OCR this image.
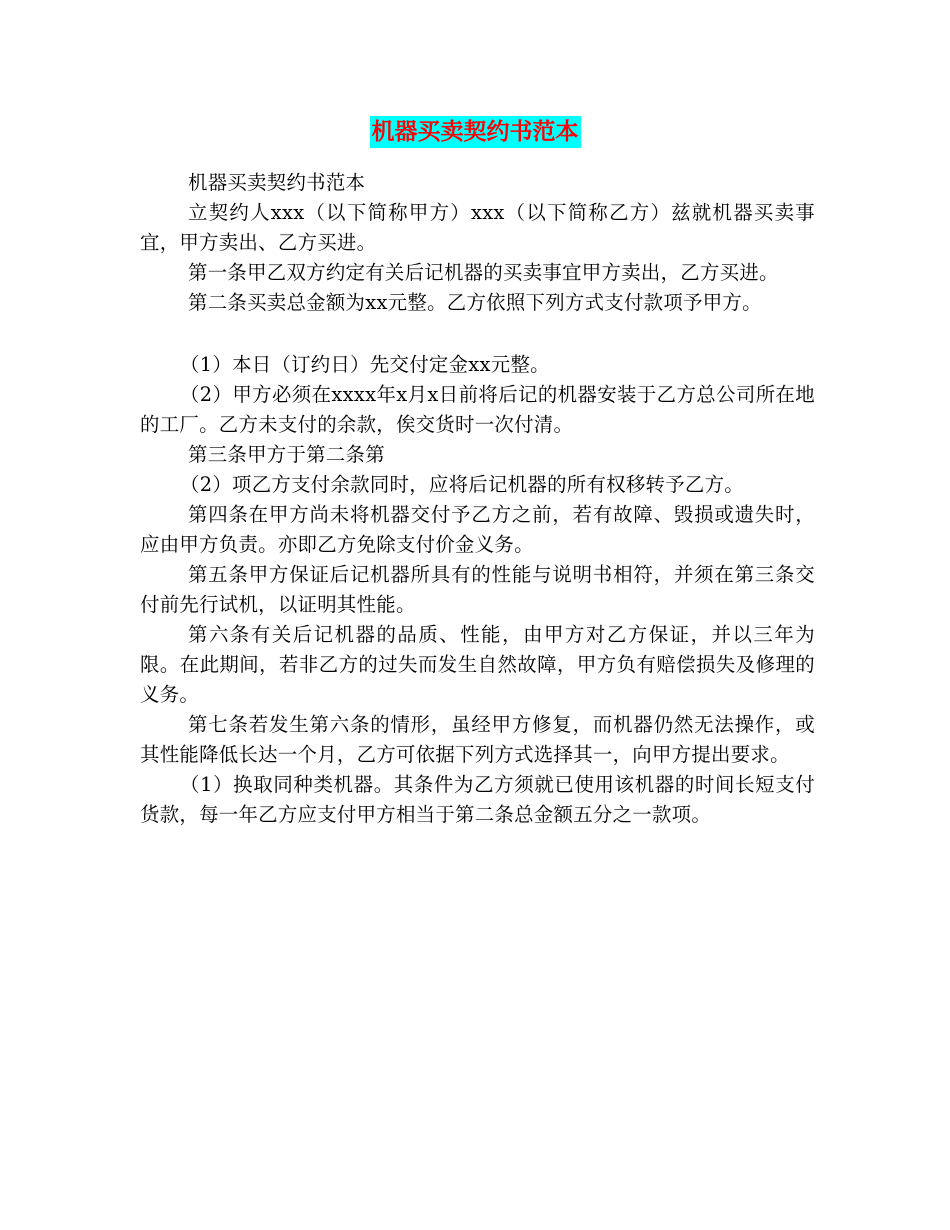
机器买卖契约书范本

机器买卖契约书范本

立契约人xxx（以下简称甲方）xxx（以下简称乙方）兹就机器买卖事宜，甲方卖出、乙方买进。

第一条甲乙双方约定有关后记机器的买卖事宜甲方卖出，乙方买进。

第二条买卖总金额为xx元整。乙方依照下列方式支付款项予甲方。

（1）本日（订约日）先交付定金xx元整。

（2）甲方必须在xxxx年x月x日前将后记的机器安装于乙方总公司所在地的工厂。乙方未支付的余款，俟交货时一次付清。

第三条甲方于第二条第

（2）项乙方支付余款同时，应将后记机器的所有权移转予乙方。

第四条在甲方尚未将机器交付予乙方之前，若有故障、毁损或遗失时，应由甲方负责。亦即乙方免除支付价金义务。

第五条甲方保证后记机器所具有的性能与说明书相符，并须在第三条交付前先行试机，以证明其性能。

第六条有关后记机器的品质、性能，由甲方对乙方保证，并以三年为限。在此期间，若非乙方的过失而发生自然故障，甲方负有赔偿损失及修理的义务。

第七条若发生第六条的情形，虽经甲方修复，而机器仍然无法操作，或其性能降低长达一个月，乙方可依据下列方式选择其一，向甲方提出要求。

（1）换取同种类机器。其条件为乙方须就已使用该机器的时间长短支付货款，每一年乙方应支付甲方相当于第二条总金额五分之一款项。
